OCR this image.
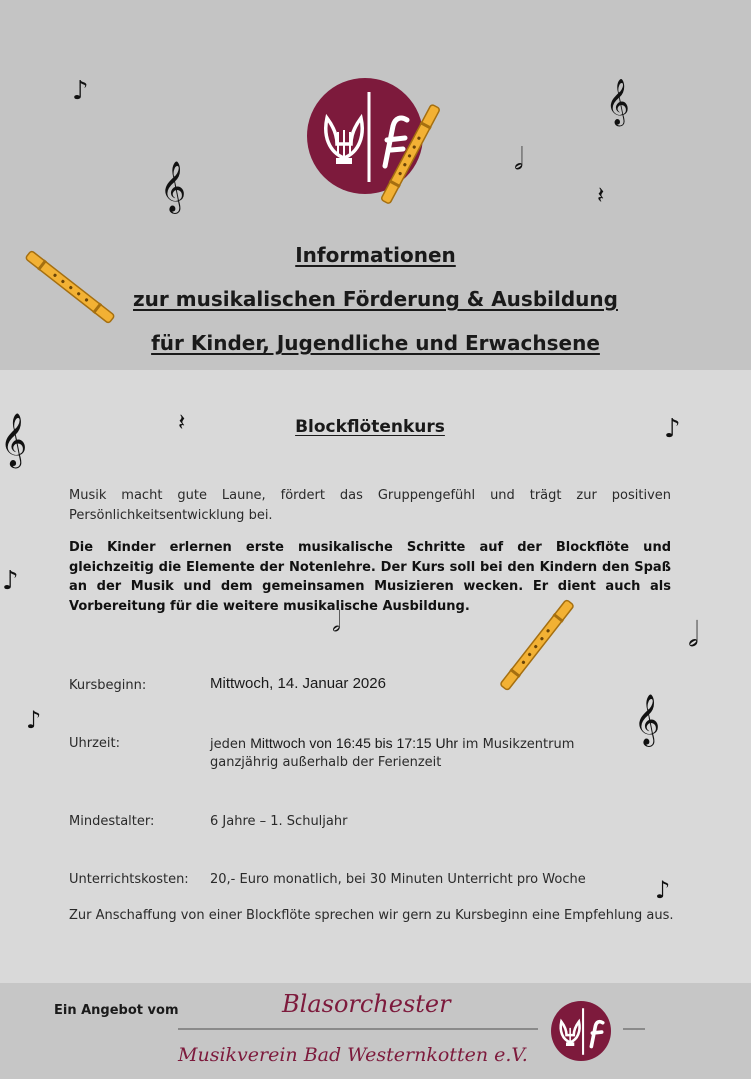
♪
𝄞
𝄞
𝅗𝅥
𝄽
𝄽
𝄞	♪
♪
𝅗𝅥	𝅗𝅥
♪	𝄞
♪
Informationen
zur musikalischen Förderung & Ausbildung
für Kinder, Jugendliche und Erwachsene
Blockflötenkurs
Musik macht gute Laune, fördert das Gruppengefühl und trägt zur positiven Persönlichkeitsentwicklung bei.
Die Kinder erlernen erste musikalische Schritte auf der Blockflöte und gleichzeitig die Elemente der Notenlehre. Der Kurs soll bei den Kindern den Spaß an der Musik und dem gemeinsamen Musizieren wecken. Er dient auch als Vorbereitung für die weitere musikalische Ausbildung.
Kursbeginn:	Mittwoch, 14. Januar 2026
Uhrzeit:	jeden Mittwoch von 16:45 bis 17:15 Uhr im Musikzentrum
ganzjährig außerhalb der Ferienzeit
Mindestalter:	6 Jahre – 1. Schuljahr
Unterrichtskosten: 20,- Euro monatlich, bei 30 Minuten Unterricht pro Woche
Zur Anschaffung von einer Blockflöte sprechen wir gern zu Kursbeginn eine Empfehlung aus.
Ein Angebot vom	Blasorchester
Musikverein Bad Westernkotten e.V.
